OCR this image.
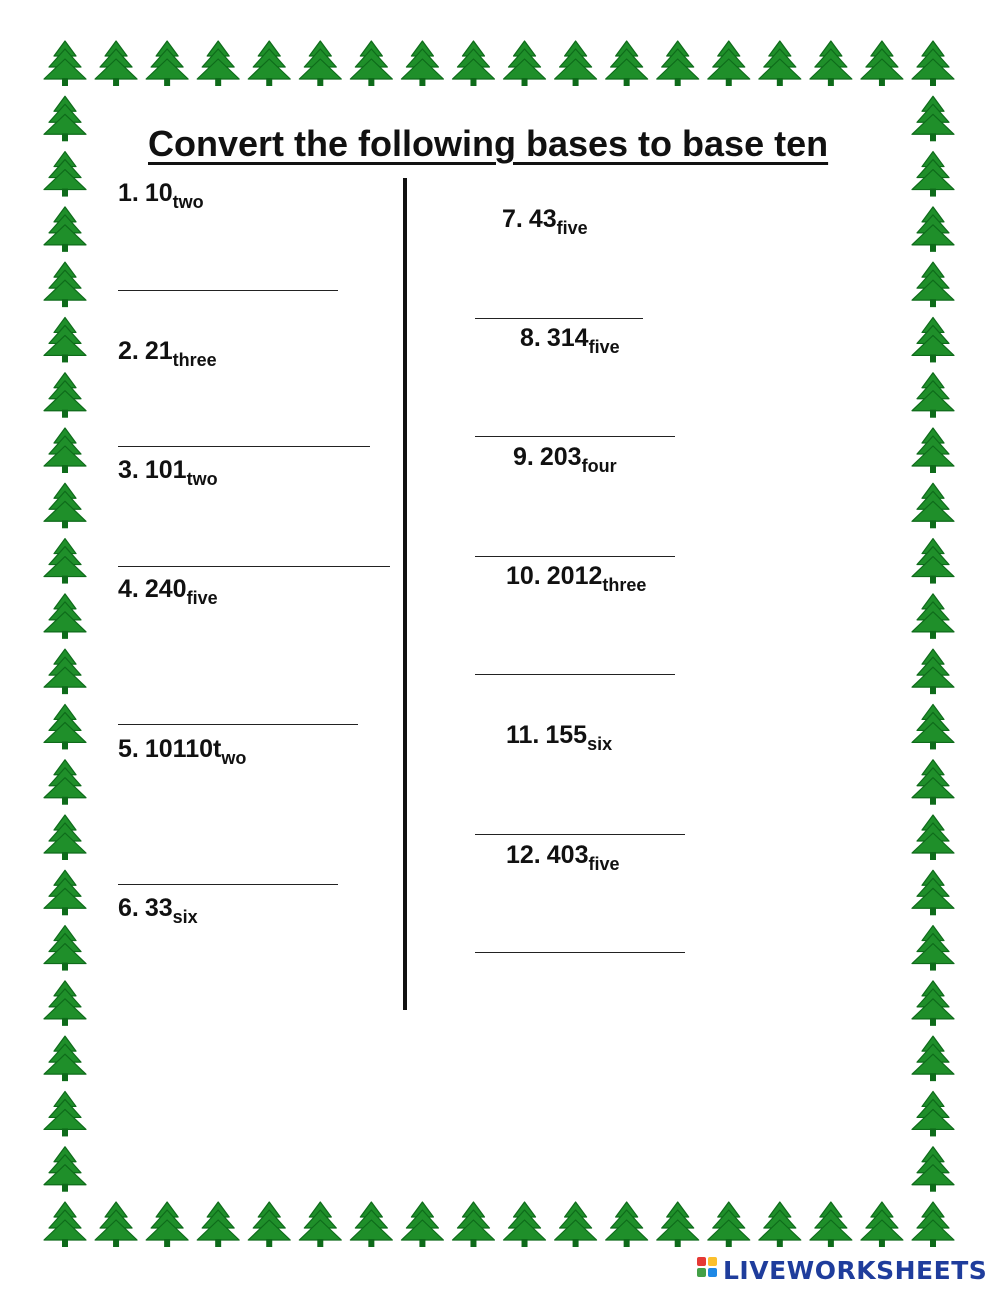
Convert the following bases to base ten
1. $10_{two}$
2. $21_{three}$
3. $101_{two}$
4. $240_{five}$
5. $10110t_{wo}$
6. $33_{six}$
7. $43_{five}$
8. $314_{five}$
9. $203_{four}$
10. $2012_{three}$
11. $155_{six}$
12. $403_{five}$
LIVEWORKSHEETS
